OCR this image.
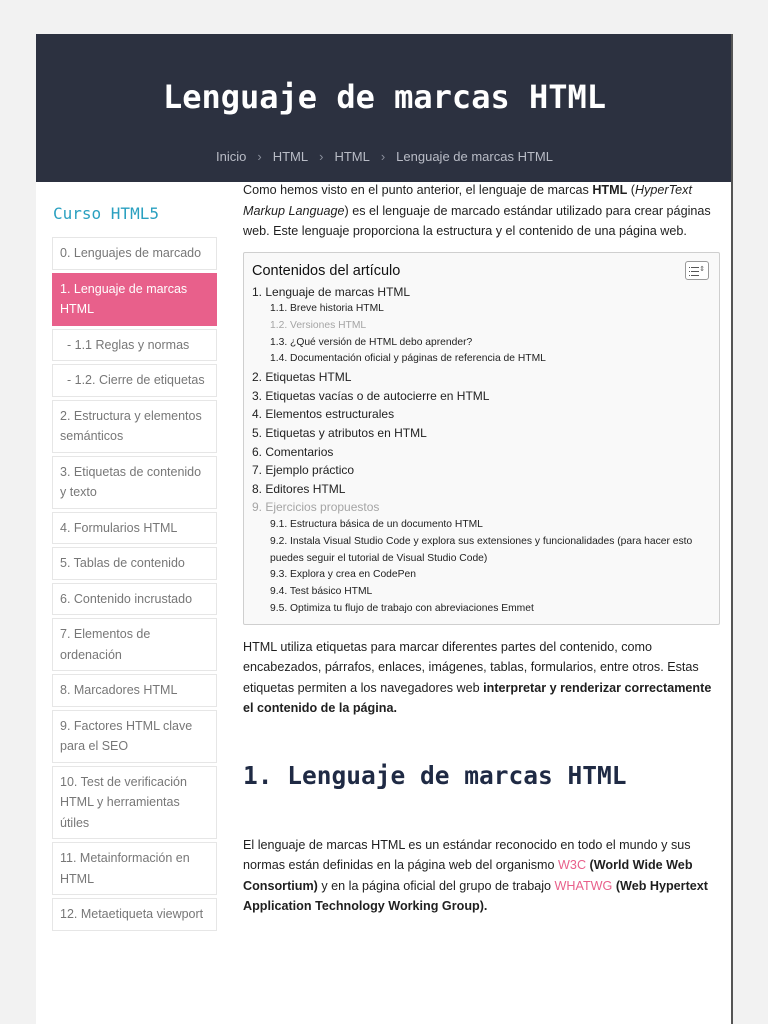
Lenguaje de marcas HTML
Inicio › HTML › HTML › Lenguaje de marcas HTML
Curso HTML5
0. Lenguajes de marcado
1. Lenguaje de marcas HTML
- 1.1 Reglas y normas
- 1.2. Cierre de etiquetas
2. Estructura y elementos semánticos
3. Etiquetas de contenido y texto
4. Formularios HTML
5. Tablas de contenido
6. Contenido incrustado
7. Elementos de ordenación
8. Marcadores HTML
9. Factores HTML clave para el SEO
10. Test de verificación HTML y herramientas útiles
11. Metainformación en HTML
12. Metaetiqueta viewport

Como hemos visto en el punto anterior, el lenguaje de marcas HTML (HyperText Markup Language) es el lenguaje de marcado estándar utilizado para crear páginas web. Este lenguaje proporciona la estructura y el contenido de una página web.

Contenidos del artículo	⇕
1. Lenguaje de marcas HTML
1.1. Breve historia HTML
1.2. Versiones HTML
1.3. ¿Qué versión de HTML debo aprender?
1.4. Documentación oficial y páginas de referencia de HTML
2. Etiquetas HTML
3. Etiquetas vacías o de autocierre en HTML
4. Elementos estructurales
5. Etiquetas y atributos en HTML
6. Comentarios
7. Ejemplo práctico
8. Editores HTML
9. Ejercicios propuestos
9.1. Estructura básica de un documento HTML
9.2. Instala Visual Studio Code y explora sus extensiones y funcionalidades (para hacer esto puedes seguir el tutorial de Visual Studio Code)
9.3. Explora y crea en CodePen
9.4. Test básico HTML
9.5. Optimiza tu flujo de trabajo con abreviaciones Emmet

HTML utiliza etiquetas para marcar diferentes partes del contenido, como encabezados, párrafos, enlaces, imágenes, tablas, formularios, entre otros. Estas etiquetas permiten a los navegadores web interpretar y renderizar correctamente el contenido de la página.

1. Lenguaje de marcas HTML

El lenguaje de marcas HTML es un estándar reconocido en todo el mundo y sus normas están definidas en la página web del organismo W3C (World Wide Web Consortium) y en la página oficial del grupo de trabajo WHATWG (Web Hypertext Application Technology Working Group).
